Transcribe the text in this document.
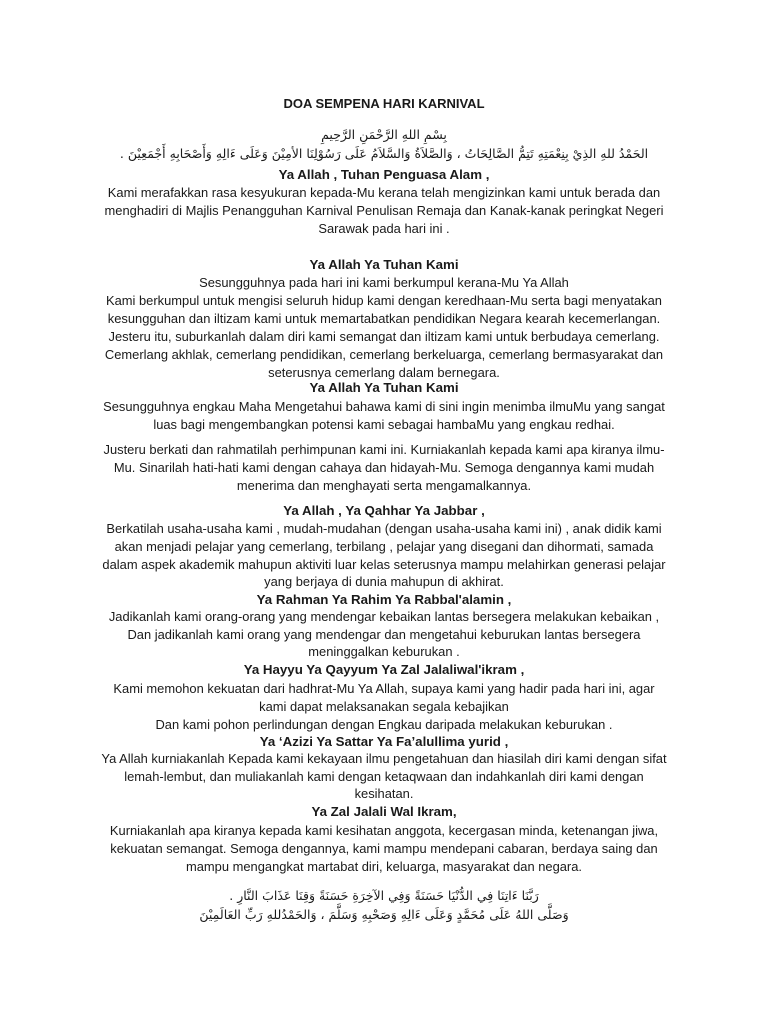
DOA SEMPENA HARI KARNIVAL
بِسْمِ اللهِ الرَّحْمَنِ الرَّحِيمِ
الحَمْدُ للهِ الذِيْ بِنِعْمَتِهِ تَتِمُّ الصَّالِحَاتُ ، وَالصَّلاَةُ وَالسَّلاَمُ عَلَى رَسُوْلِنَا الأمِيْنَ وَعَلَى ءَالِهِ وَأَصْحَابِهِ أَجْمَعِيْنَ .
Ya Allah , Tuhan Penguasa Alam ,
Kami merafakkan rasa kesyukuran kepada-Mu kerana telah mengizinkan kami untuk berada dan
menghadiri di Majlis Penangguhan Karnival Penulisan Remaja dan Kanak-kanak peringkat Negeri
Sarawak pada hari ini .
Ya Allah Ya Tuhan Kami
Sesungguhnya pada hari ini kami berkumpul kerana-Mu Ya Allah
Kami berkumpul untuk mengisi seluruh hidup kami dengan keredhaan-Mu serta bagi menyatakan
kesungguhan dan iltizam kami untuk memartabatkan pendidikan Negara kearah kecemerlangan.
Jesteru itu, suburkanlah dalam diri kami semangat dan iltizam kami untuk berbudaya cemerlang.
Cemerlang akhlak, cemerlang pendidikan, cemerlang berkeluarga, cemerlang bermasyarakat dan
seterusnya cemerlang dalam bernegara.
Ya Allah Ya Tuhan Kami
Sesungguhnya engkau Maha Mengetahui bahawa kami di sini ingin menimba ilmuMu yang sangat
luas bagi mengembangkan potensi kami sebagai hambaMu yang engkau redhai.
Justeru berkati dan rahmatilah perhimpunan kami ini. Kurniakanlah kepada kami apa kiranya ilmu-
Mu. Sinarilah hati-hati kami dengan cahaya dan hidayah-Mu. Semoga dengannya kami mudah
menerima dan menghayati serta mengamalkannya.
Ya Allah , Ya Qahhar Ya Jabbar ,
Berkatilah usaha-usaha kami , mudah-mudahan (dengan usaha-usaha kami ini) , anak didik kami
akan menjadi pelajar yang cemerlang, terbilang , pelajar yang disegani dan dihormati, samada
dalam aspek akademik mahupun aktiviti luar kelas seterusnya mampu melahirkan generasi pelajar
yang berjaya di dunia mahupun di akhirat.
Ya Rahman Ya Rahim Ya Rabbal'alamin ,
Jadikanlah kami orang-orang yang mendengar kebaikan lantas bersegera melakukan kebaikan ,
Dan jadikanlah kami orang yang mendengar dan mengetahui keburukan lantas bersegera
meninggalkan keburukan .
Ya Hayyu Ya Qayyum Ya Zal Jalaliwal'ikram ,
Kami memohon kekuatan dari hadhrat-Mu Ya Allah, supaya kami yang hadir pada hari ini, agar
kami dapat melaksanakan segala kebajikan
Dan kami pohon perlindungan dengan Engkau daripada melakukan keburukan .
Ya ‘Azizi Ya Sattar Ya Fa’alullima yurid ,
Ya Allah kurniakanlah Kepada kami kekayaan ilmu pengetahuan dan hiasilah diri kami dengan sifat
lemah-lembut, dan muliakanlah kami dengan ketaqwaan dan indahkanlah diri kami dengan
kesihatan.
Ya Zal Jalali Wal Ikram,
Kurniakanlah apa kiranya kepada kami kesihatan anggota, kecergasan minda, ketenangan jiwa,
kekuatan semangat. Semoga dengannya, kami mampu mendepani cabaran, berdaya saing dan
mampu mengangkat martabat diri, keluarga, masyarakat dan negara.
رَبَّنَا ءَاتِنَا فِي الدُّنْيَا حَسَنَةً وَفِي الآخِرَةِ حَسَنَةً وَقِنَا عَذَابَ النَّارِ .
وَصَلَّى اللهُ عَلَى مُحَمَّدٍ وَعَلَى ءَالِهِ وَصَحْبِهِ وَسَلَّمَ ، وَالحَمْدُللهِ رَبِّ العَالَمِيْنَ
